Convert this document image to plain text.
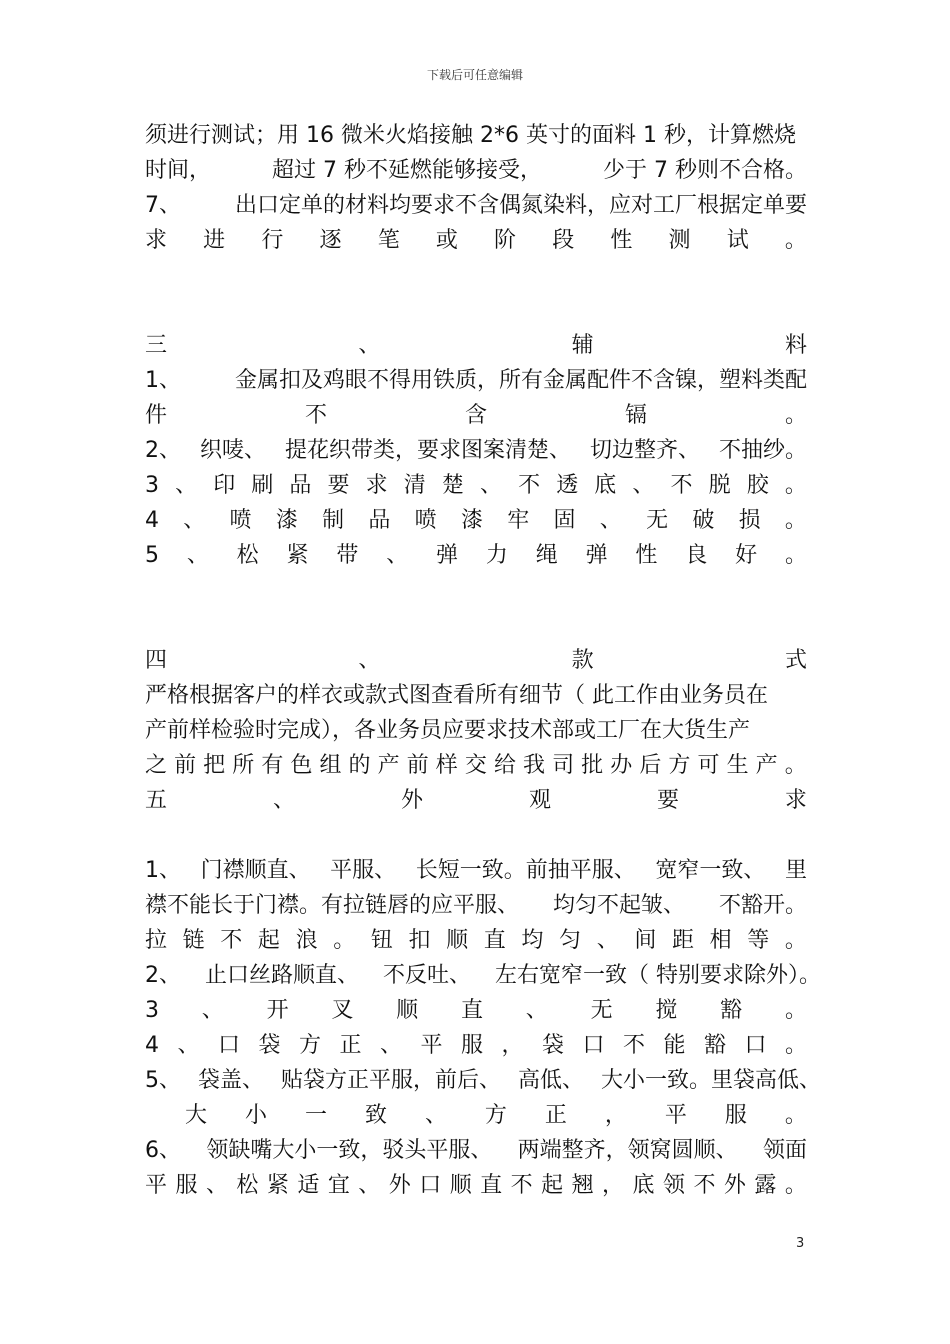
下载后可任意编辑
须进行测试；用 16 微米火焰接触 2*6 英寸的面料 1 秒，计算燃烧
时间，	超过 7 秒不延燃能够接受，	少于 7 秒则不合格。
7、 出口定单的材料均要求不含偶氮染料，应对工厂根据定单要
求 进 行 逐 笔 或 阶 段 性 测 试 。
三	、	辅	料
1、 金属扣及鸡眼不得用铁质，所有金属配件不含镍，塑料类配
件	不	含	镉	。
2、 织唛、 提花织带类，要求图案清楚、 切边整齐、 不抽纱。
3 、 印 刷 品 要 求 清 楚 、 不 透 底 、 不 脱 胶 。
4 、 喷 漆 制 品 喷 漆 牢 固 、 无 破 损 。
5 、 松 紧 带 、 弹 力 绳 弹 性 良 好 。
四	、	款	式
严格根据客户的样衣或款式图查看所有细节（ 此工作由业务员在
产前样检验时完成），各业务员应要求技术部或工厂在大货生产
之 前 把 所 有 色 组 的 产 前 样 交 给 我 司 批 办 后 方 可 生 产 。
五	、	外	观	要	求
1、 门襟顺直、 平服、 长短一致。前抽平服、 宽窄一致、 里
襟不能长于门襟。有拉链唇的应平服、 均匀不起皱、 不豁开。
拉 链 不 起 浪 。 钮 扣 顺 直 均 匀 、 间 距 相 等 。
2、 止口丝路顺直、 不反吐、 左右宽窄一致（ 特别要求除外）。
3 、 开 叉 顺 直 、 无 搅 豁 。
4 、 口 袋 方 正 、 平 服 ， 袋 口 不 能 豁 口 。
5、 袋盖、 贴袋方正平服，前后、 高低、 大小一致。里袋高低、
大 小 一 致 、 方 正 ， 平 服 。
6、 领缺嘴大小一致，驳头平服、 两端整齐，领窝圆顺、 领面
平 服 、 松 紧 适 宜 、 外 口 顺 直 不 起 翘 ， 底 领 不 外 露 。
3
